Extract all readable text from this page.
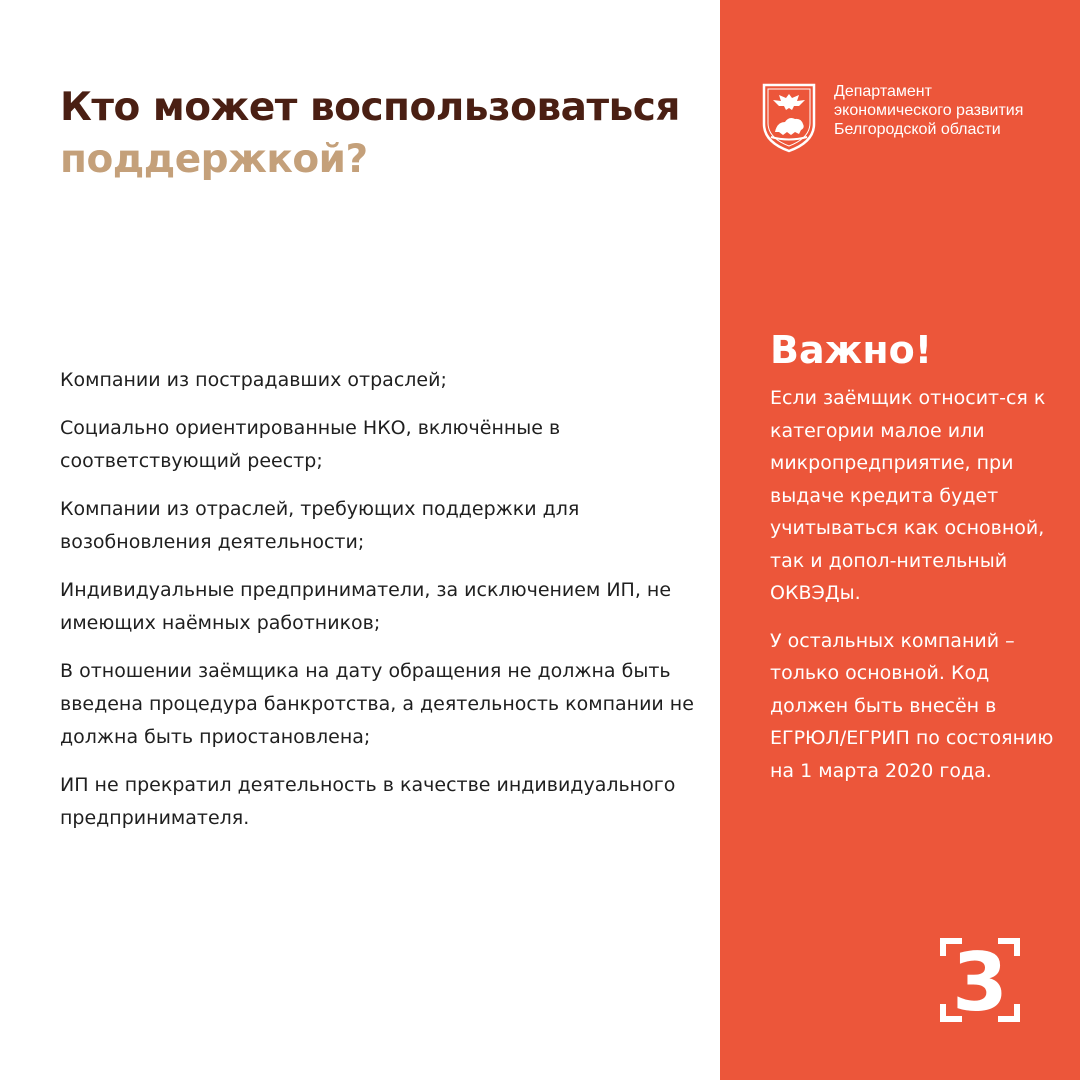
Кто может воспользоваться
поддержкой?
Компании из пострадавших отраслей;
Социально ориентированные НКО, включённые в соответствующий реестр;
Компании из отраслей, требующих поддержки для возобновления деятельности;
Индивидуальные предприниматели, за исключением ИП, не имеющих наёмных работников;
В отношении заёмщика на дату обращения не должна быть введена процедура банкротства, а деятельность компании не должна быть приостановлена;
ИП не прекратил деятельность в качестве индивидуального предпринимателя.
Департамент
экономического развития
Белгородской области
Важно!

Если заёмщик относит-ся к категории малое или микропредприятие, при выдаче кредита будет учитываться как основной, так и допол-нительный ОКВЭДы.

У остальных компаний – только основной. Код должен быть внесён в ЕГРЮЛ/ЕГРИП по состоянию на 1 марта 2020 года.

3
